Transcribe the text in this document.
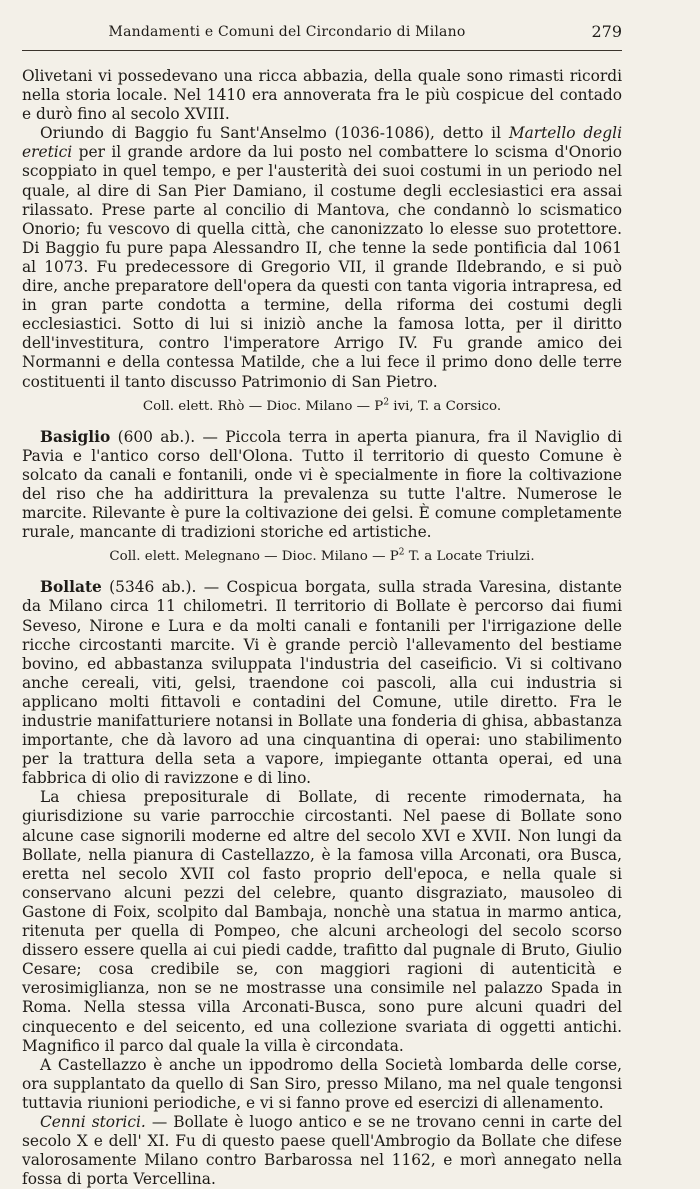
Mandamenti e Comuni del Circondario di Milano	279

Olivetani vi possedevano una ricca abbazia, della quale sono rimasti ricordi nella storia locale. Nel 1410 era annoverata fra le più cospicue del contado e durò fino al secolo XVIII.

Oriundo di Baggio fu Sant'Anselmo (1036-1086), detto il Martello degli eretici per il grande ardore da lui posto nel combattere lo scisma d'Onorio scoppiato in quel tempo, e per l'austerità dei suoi costumi in un periodo nel quale, al dire di San Pier Damiano, il costume degli ecclesiastici era assai rilassato. Prese parte al concilio di Mantova, che condannò lo scismatico Onorio; fu vescovo di quella città, che canonizzato lo elesse suo protettore. Di Baggio fu pure papa Alessandro II, che tenne la sede pontificia dal 1061 al 1073. Fu predecessore di Gregorio VII, il grande Ildebrando, e si può dire, anche preparatore dell'opera da questi con tanta vigoria intrapresa, ed in gran parte condotta a termine, della riforma dei costumi degli ecclesiastici. Sotto di lui si iniziò anche la famosa lotta, per il diritto dell'investitura, contro l'imperatore Arrigo IV. Fu grande amico dei Normanni e della contessa Matilde, che a lui fece il primo dono delle terre costituenti il tanto discusso Patrimonio di San Pietro.

Coll. elett. Rhò — Dioc. Milano — $P^2$ ivi, T. a Corsico.

Basiglio (600 ab.). — Piccola terra in aperta pianura, fra il Naviglio di Pavia e l'antico corso dell'Olona. Tutto il territorio di questo Comune è solcato da canali e fontanili, onde vi è specialmente in fiore la coltivazione del riso che ha addirittura la prevalenza su tutte l'altre. Numerose le marcite. Rilevante è pure la coltivazione dei gelsi. È comune completamente rurale, mancante di tradizioni storiche ed artistiche.

Coll. elett. Melegnano — Dioc. Milano — $P^2$ T. a Locate Triulzi.

Bollate (5346 ab.). — Cospicua borgata, sulla strada Varesina, distante da Milano circa 11 chilometri. Il territorio di Bollate è percorso dai fiumi Seveso, Nirone e Lura e da molti canali e fontanili per l'irrigazione delle ricche circostanti marcite. Vi è grande perciò l'allevamento del bestiame bovino, ed abbastanza sviluppata l'industria del caseificio. Vi si coltivano anche cereali, viti, gelsi, traendone coi pascoli, alla cui industria si applicano molti fittavoli e contadini del Comune, utile diretto. Fra le industrie manifatturiere notansi in Bollate una fonderia di ghisa, abbastanza importante, che dà lavoro ad una cinquantina di operai: uno stabilimento per la trattura della seta a vapore, impiegante ottanta operai, ed una fabbrica di olio di ravizzone e di lino.

La chiesa prepositurale di Bollate, di recente rimodernata, ha giurisdizione su varie parrocchie circostanti. Nel paese di Bollate sono alcune case signorili moderne ed altre del secolo XVI e XVII. Non lungi da Bollate, nella pianura di Castellazzo, è la famosa villa Arconati, ora Busca, eretta nel secolo XVII col fasto proprio dell'epoca, e nella quale si conservano alcuni pezzi del celebre, quanto disgraziato, mausoleo di Gastone di Foix, scolpito dal Bambaja, nonchè una statua in marmo antica, ritenuta per quella di Pompeo, che alcuni archeologi del secolo scorso dissero essere quella ai cui piedi cadde, trafitto dal pugnale di Bruto, Giulio Cesare; cosa credibile se, con maggiori ragioni di autenticità e verosimiglianza, non se ne mostrasse una consimile nel palazzo Spada in Roma. Nella stessa villa Arconati-Busca, sono pure alcuni quadri del cinquecento e del seicento, ed una collezione svariata di oggetti antichi. Magnifico il parco dal quale la villa è circondata.

A Castellazzo è anche un ippodromo della Società lombarda delle corse, ora supplantato da quello di San Siro, presso Milano, ma nel quale tengonsi tuttavia riunioni periodiche, e vi si fanno prove ed esercizi di allenamento.

Cenni storici. — Bollate è luogo antico e se ne trovano cenni in carte del secolo X e dell' XI. Fu di questo paese quell'Ambrogio da Bollate che difese valorosamente Milano contro Barbarossa nel 1162, e morì annegato nella fossa di porta Vercellina.
